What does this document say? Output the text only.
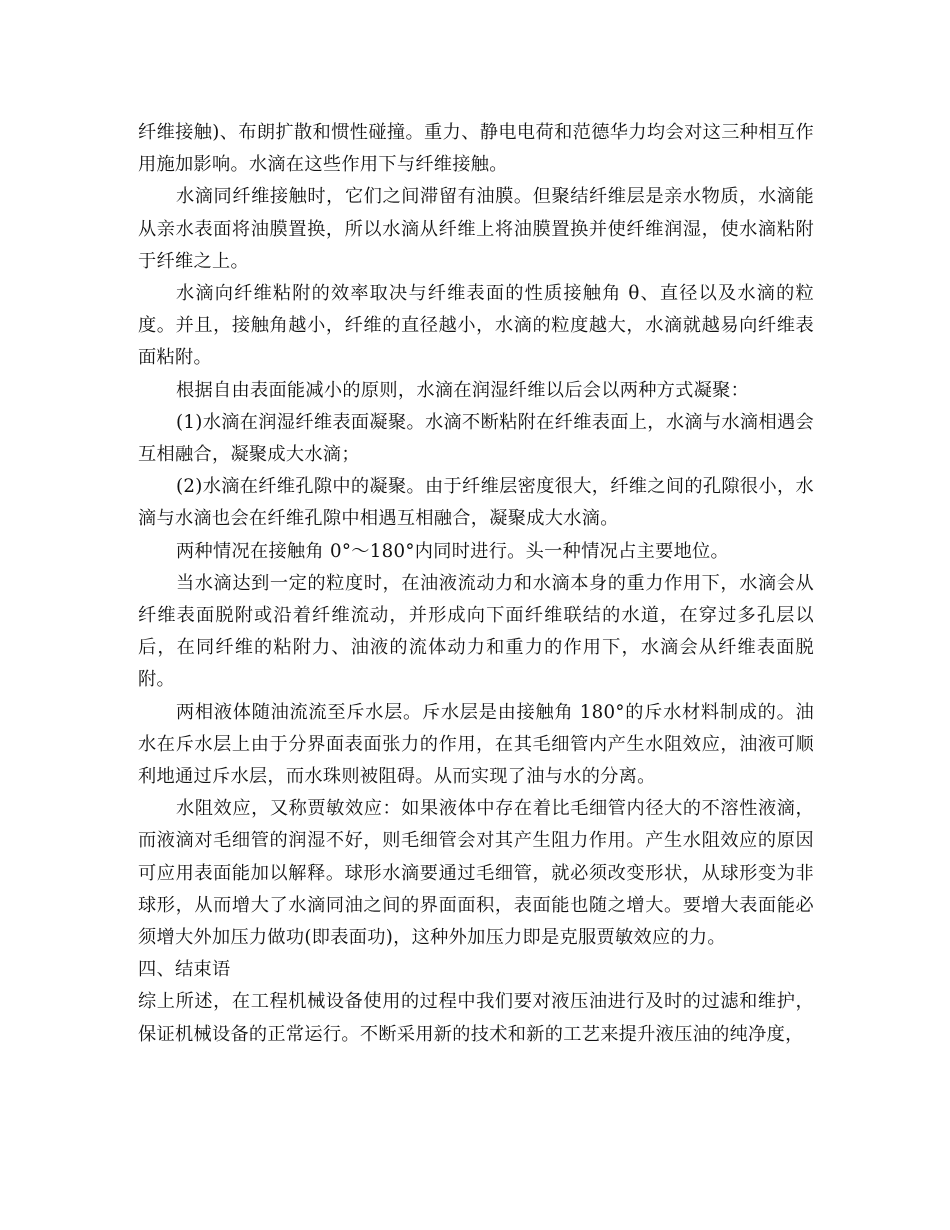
纤维接触)、布朗扩散和惯性碰撞。重力、静电电荷和范德华力均会对这三种相互作用施加影响。水滴在这些作用下与纤维接触。

水滴同纤维接触时，它们之间滞留有油膜。但聚结纤维层是亲水物质，水滴能从亲水表面将油膜置换，所以水滴从纤维上将油膜置换并使纤维润湿，使水滴粘附于纤维之上。

水滴向纤维粘附的效率取决与纤维表面的性质接触角 θ、直径以及水滴的粒度。并且，接触角越小，纤维的直径越小，水滴的粒度越大，水滴就越易向纤维表面粘附。

根据自由表面能减小的原则，水滴在润湿纤维以后会以两种方式凝聚：

(1)水滴在润湿纤维表面凝聚。水滴不断粘附在纤维表面上，水滴与水滴相遇会互相融合，凝聚成大水滴；

(2)水滴在纤维孔隙中的凝聚。由于纤维层密度很大，纤维之间的孔隙很小，水滴与水滴也会在纤维孔隙中相遇互相融合，凝聚成大水滴。

两种情况在接触角 0°～180°内同时进行。头一种情况占主要地位。

当水滴达到一定的粒度时，在油液流动力和水滴本身的重力作用下，水滴会从纤维表面脱附或沿着纤维流动，并形成向下面纤维联结的水道，在穿过多孔层以后，在同纤维的粘附力、油液的流体动力和重力的作用下，水滴会从纤维表面脱附。

两相液体随油流流至斥水层。斥水层是由接触角 180°的斥水材料制成的。油水在斥水层上由于分界面表面张力的作用，在其毛细管内产生水阻效应，油液可顺利地通过斥水层，而水珠则被阻碍。从而实现了油与水的分离。

水阻效应，又称贾敏效应：如果液体中存在着比毛细管内径大的不溶性液滴，而液滴对毛细管的润湿不好，则毛细管会对其产生阻力作用。产生水阻效应的原因可应用表面能加以解释。球形水滴要通过毛细管，就必须改变形状，从球形变为非球形，从而增大了水滴同油之间的界面面积，表面能也随之增大。要增大表面能必须增大外加压力做功(即表面功)，这种外加压力即是克服贾敏效应的力。

四、结束语

综上所述，在工程机械设备使用的过程中我们要对液压油进行及时的过滤和维护，保证机械设备的正常运行。不断采用新的技术和新的工艺来提升液压油的纯净度，
